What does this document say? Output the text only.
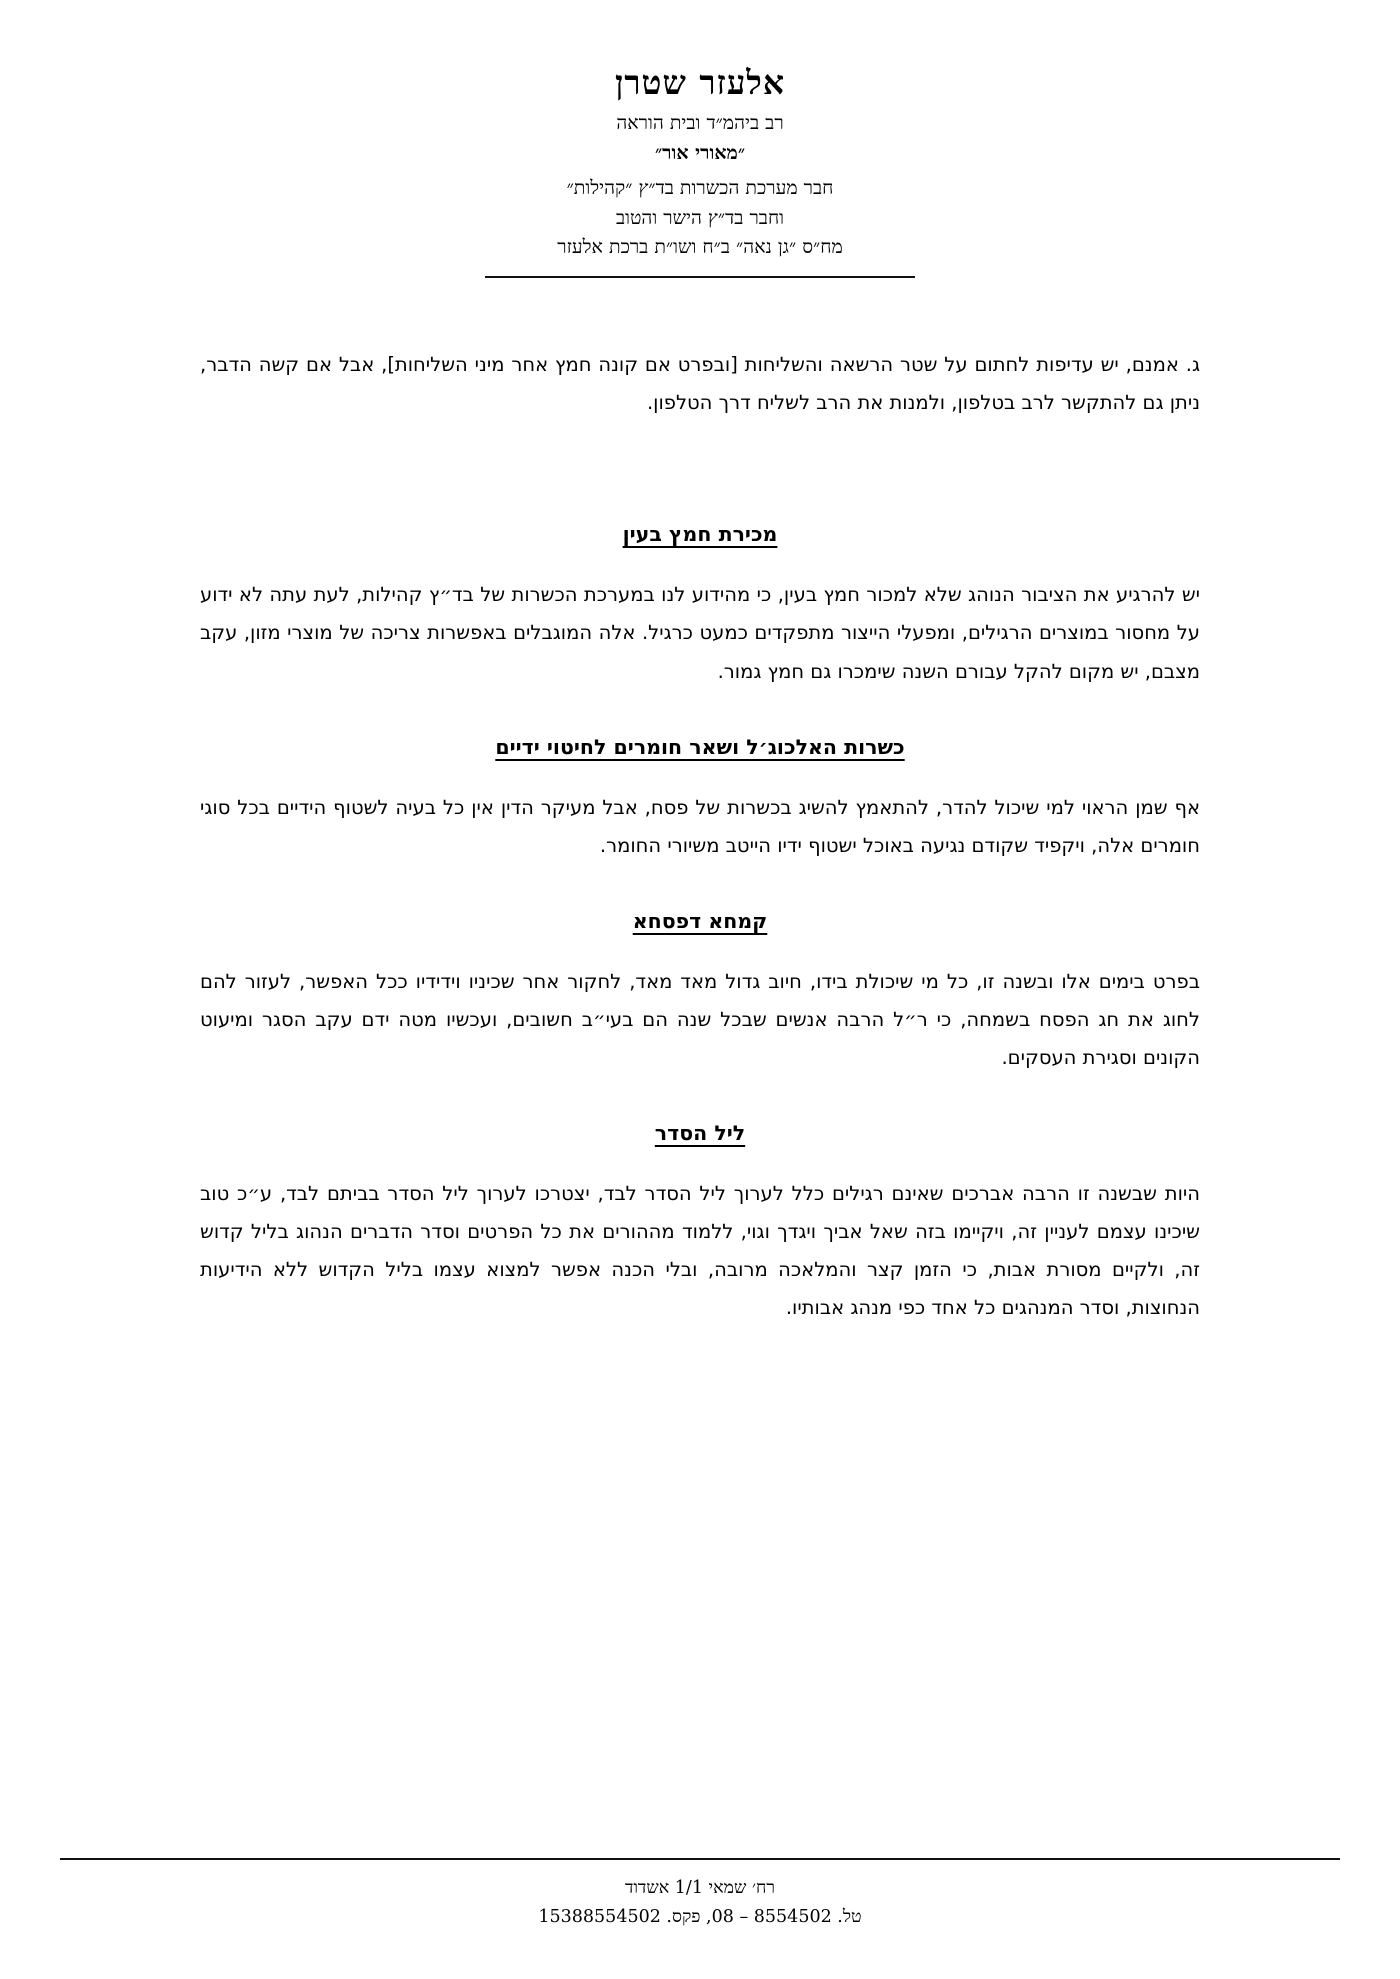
אלעזר שטרן
רב ביהמ״ד ובית הוראה
״מאורי אור״
חבר מערכת הכשרות בד״ץ ״קהילות״
וחבר בד״ץ הישר והטוב
מח״ס ״גן נאה״ ב״ח ושו״ת ברכת אלעזר

ג. אמנם, יש עדיפות לחתום על שטר הרשאה והשליחות [ובפרט אם קונה חמץ אחר מיני השליחות], אבל אם קשה הדבר, ניתן גם להתקשר לרב בטלפון, ולמנות את הרב לשליח דרך הטלפון.

מכירת חמץ בעין

יש להרגיע את הציבור הנוהג שלא למכור חמץ בעין, כי מהידוע לנו במערכת הכשרות של בד״ץ קהילות, לעת עתה לא ידוע על מחסור במוצרים הרגילים, ומפעלי הייצור מתפקדים כמעט כרגיל. אלה המוגבלים באפשרות צריכה של מוצרי מזון, עקב מצבם, יש מקום להקל עבורם השנה שימכרו גם חמץ גמור.

כשרות האלכוג׳ל ושאר חומרים לחיטוי ידיים

אף שמן הראוי למי שיכול להדר, להתאמץ להשיג בכשרות של פסח, אבל מעיקר הדין אין כל בעיה לשטוף הידיים בכל סוגי חומרים אלה, ויקפיד שקודם נגיעה באוכל ישטוף ידיו הייטב משיורי החומר.

קמחא דפסחא

בפרט בימים אלו ובשנה זו, כל מי שיכולת בידו, חיוב גדול מאד מאד, לחקור אחר שכיניו וידידיו ככל האפשר, לעזור להם לחוג את חג הפסח בשמחה, כי ר״ל הרבה אנשים שבכל שנה הם בעי״ב חשובים, ועכשיו מטה ידם עקב הסגר ומיעוט הקונים וסגירת העסקים.

ליל הסדר

היות שבשנה זו הרבה אברכים שאינם רגילים כלל לערוך ליל הסדר לבד, יצטרכו לערוך ליל הסדר בביתם לבד, ע״כ טוב שיכינו עצמם לעניין זה, ויקיימו בזה שאל אביך ויגדך וגוי, ללמוד מההורים את כל הפרטים וסדר הדברים הנהוג בליל קדוש זה, ולקיים מסורת אבות, כי הזמן קצר והמלאכה מרובה, ובלי הכנה אפשר למצוא עצמו בליל הקדוש ללא הידיעות הנחוצות, וסדר המנהגים כל אחד כפי מנהג אבותיו.

רח׳ שמאי 1/1 אשדוד
טל. 8554502 – 08, פקס. 15388554502
